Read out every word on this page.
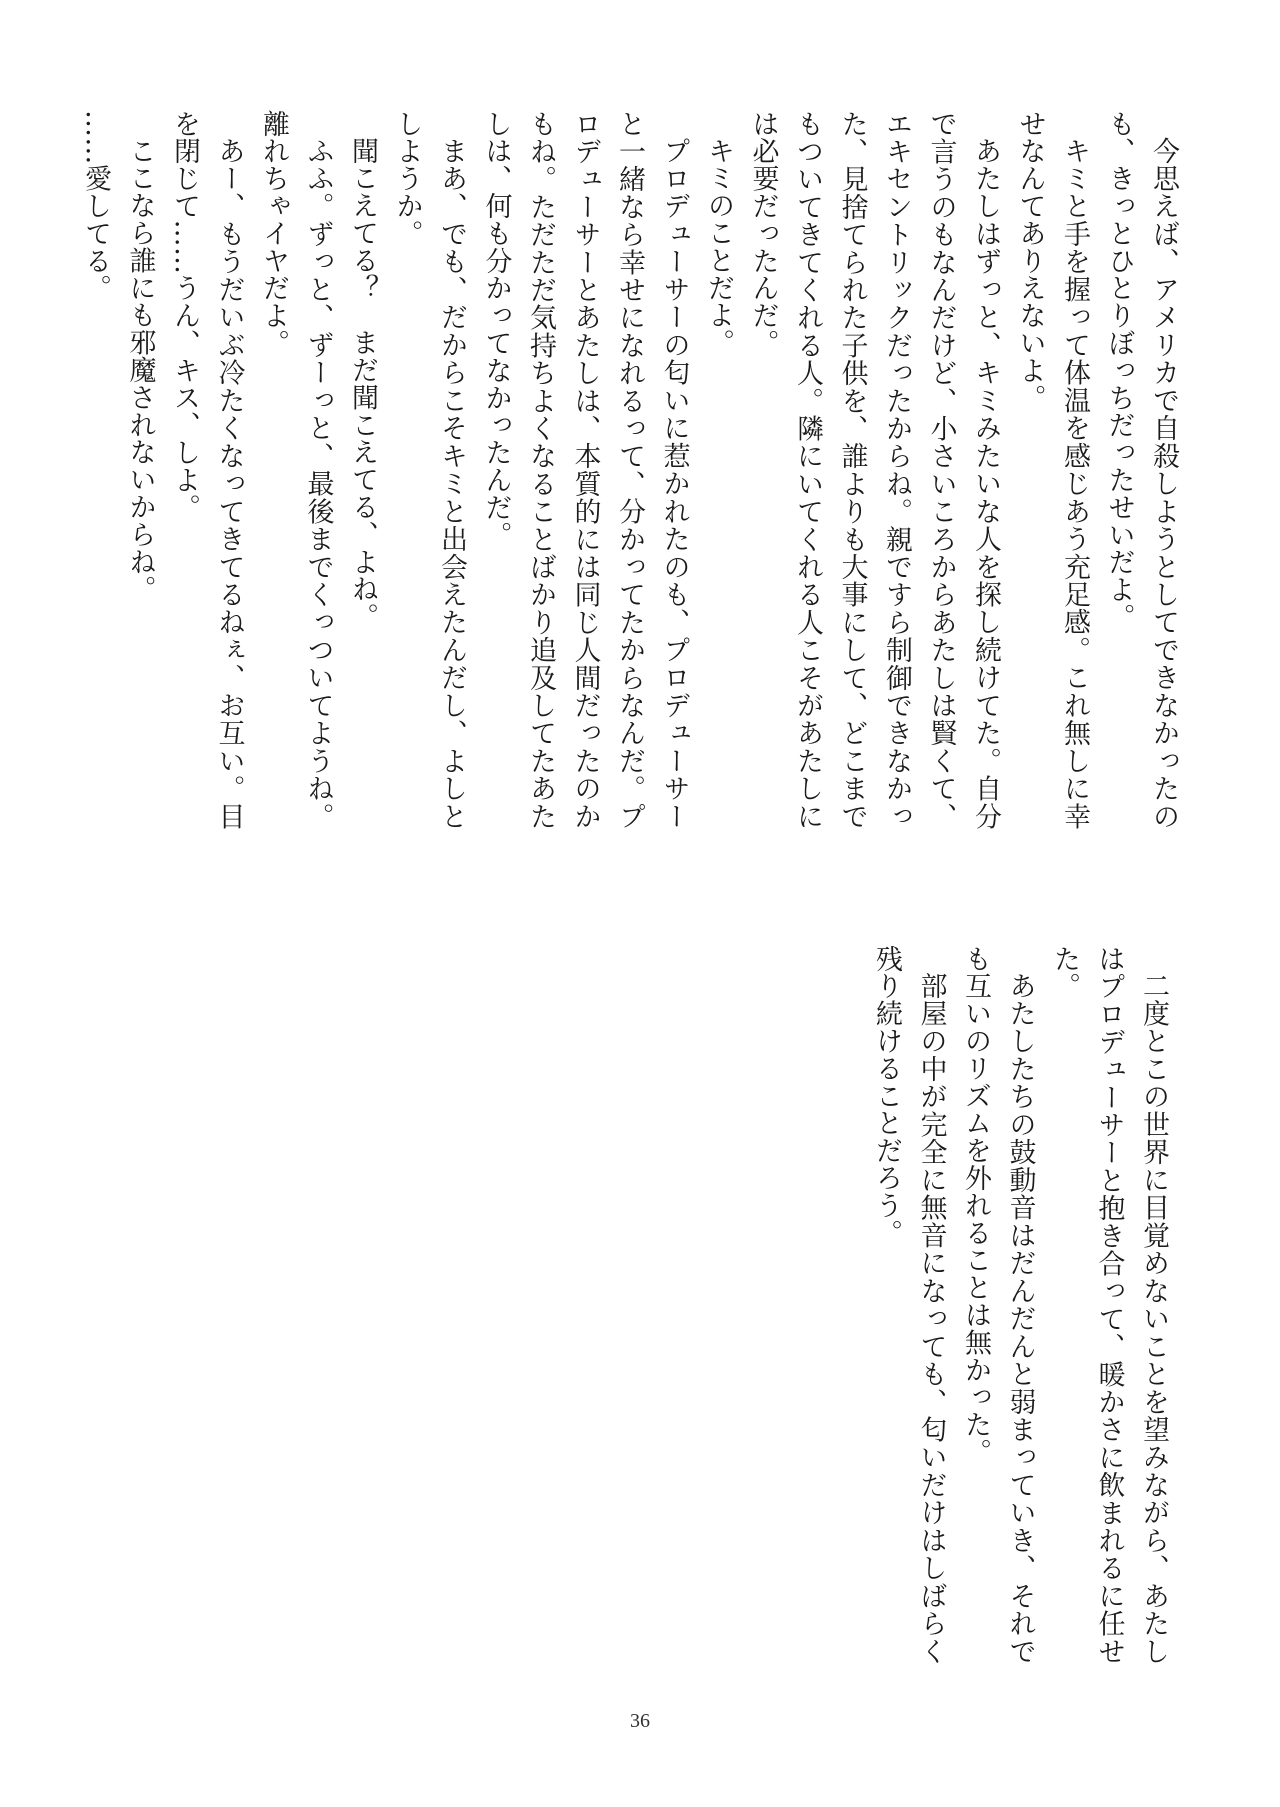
今思えば、アメリカで自殺しようとしてできなかったのも、きっとひとりぼっちだったせいだよ。

キミと手を握って体温を感じあう充足感。これ無しに幸せなんてありえないよ。

あたしはずっと、キミみたいな人を探し続けてた。自分で言うのもなんだけど、小さいころからあたしは賢くて、エキセントリックだったからね。親ですら制御できなかった、見捨てられた子供を、誰よりも大事にして、どこまでもついてきてくれる人。隣にいてくれる人こそがあたしには必要だったんだ。

キミのことだよ。

プロデューサーの匂いに惹かれたのも、プロデューサーと一緒なら幸せになれるって、分かってたからなんだ。プロデューサーとあたしは、本質的には同じ人間だったのかもね。ただただ気持ちよくなることばかり追及してたあたしは、何も分かってなかったんだ。

まあ、でも、だからこそキミと出会えたんだし、よしとしようか。

聞こえてる？　まだ聞こえてる、よね。

ふふ。ずっと、ずーっと、最後までくっついてようね。離れちゃイヤだよ。

あー、もうだいぶ冷たくなってきてるねぇ、お互い。目を閉じて……うん、キス、しよ。

ここなら誰にも邪魔されないからね。

……愛してる。

二度とこの世界に目覚めないことを望みながら、あたしはプロデューサーと抱き合って、暖かさに飲まれるに任せた。

あたしたちの鼓動音はだんだんと弱まっていき、それでも互いのリズムを外れることは無かった。

部屋の中が完全に無音になっても、匂いだけはしばらく残り続けることだろう。

36
